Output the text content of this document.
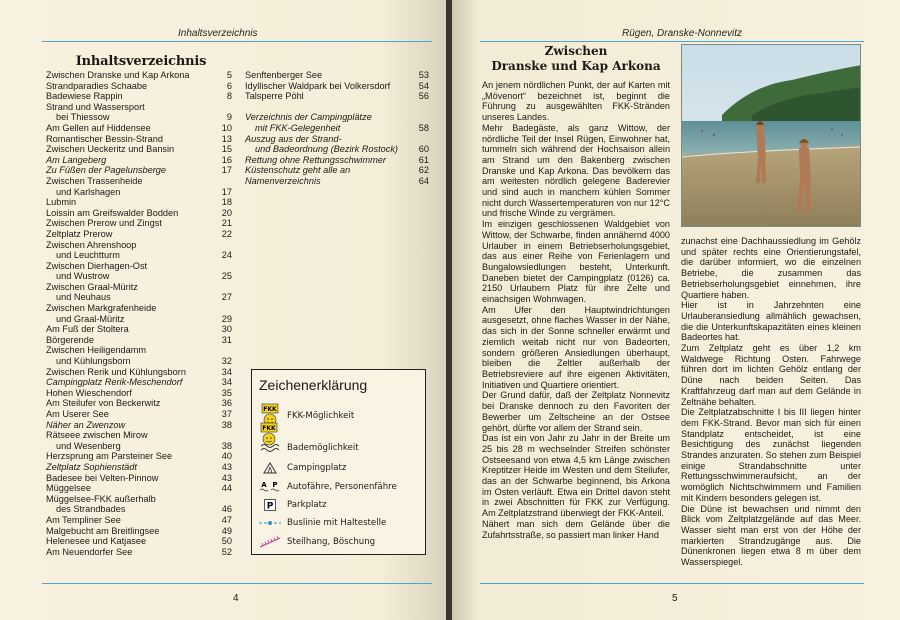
Inhaltsverzeichnis
Inhaltsverzeichnis
Zwischen Dranske und Kap Arkona	5
Strandparadies Schaabe	6
Badewiese Rappin	8
Strand und Wassersport
bei Thiessow	9
Am Gellen auf Hiddensee	10
Romantischer Bessin-Strand	13
Zwischen Ueckeritz und Bansin	15
Am Langeberg	16
Zu Füßen der Pagelunsberge	17
Zwischen Trassenheide
und Karlshagen	17
Lubmin	18
Loissin am Greifswalder Bodden	20
Zwischen Prerow und Zingst	21
Zeltplatz Prerow	22
Zwischen Ahrenshoop
und Leuchtturm	24
Zwischen Dierhagen-Ost
und Wustrow	25
Zwischen Graal-Müritz
und Neuhaus	27
Zwischen Markgrafenheide
und Graal-Müritz	29
Am Fuß der Stoltera	30
Börgerende	31
Zwischen Heiligendamm
und Kühlungsborn	32
Zwischen Rerik und Kühlungsborn	34
Campingplatz Rerik-Meschendorf	34
Hohen Wieschendorf	35
Am Steilufer von Beckerwitz	36
Am Userer See	37
Näher an Zwenzow	38
Rätseee zwischen Mirow
und Wesenberg	38
Herzsprung am Parsteiner See	40
Zeltplatz Sophienstädt	43
Badesee bei Velten-Pinnow	43
Müggelsee	44
Müggelsee-FKK außerhalb
des Strandbades	46
Am Templiner See	47
Malgebucht am Breitlingsee	49
Helenesee und Katjasee	50
Am Neuendorfer See	52
Senftenberger See	53
Idyllischer Waldpark bei Volkersdorf	54
Talsperre Pöhl	56

Verzeichnis der Campingplätze
mit FKK-Gelegenheit	58
Auszug aus der Strand-
und Badeordnung (Bezirk Rostock)	60
Rettung ohne Rettungsschwimmer	61
Küstenschutz geht alle an	62
Namenverzeichnis	64
Zeichenerklärung
FKK
FKK-Möglichkeit
FKK
Bademöglichkeit
Campingplatz
A P Autofähre, Personenfähre
P Parkplatz
Buslinie mit Haltestelle
Steilhang, Böschung
4
Rügen, Dranske-Nonnevitz
5
Zwischen
Dranske und Kap Arkona

An jenem nördlichen Punkt, der auf Karten mit „Mövenort“ bezeichnet ist, beginnt die Führung zu ausgewählten FKK-Stränden unseres Landes.

Mehr Badegäste, als ganz Wittow, der nördliche Teil der Insel Rügen, Einwohner hat, tummeln sich während der Hochsaison allein am Strand um den Bakenberg zwischen Dranske und Kap Arkona. Das bevölkern das am weitesten nördlich gelegene Baderevier und sind auch in manchem kühlen Sommer nicht durch Wassertemperaturen von nur 12°C und frische Winde zu vergrämen.

Im einzigen geschlossenen Waldgebiet von Wittow, der Schwarbe, finden annähernd 4000 Urlauber in einem Betriebserholungsgebiet, das aus einer Reihe von Ferienlagern und Bungalowsiedlungen besteht, Unterkunft. Daneben bietet der Campingplatz (0126) ca. 2150 Urlaubern Platz für ihre Zelte und einachsigen Wohnwagen.

Am Ufer den Hauptwindrichtungen ausgesetzt, ohne flaches Wasser in der Nähe, das sich in der Sonne schneller erwärmt und ziemlich weitab nicht nur von Badeorten, sondern größeren Ansiedlungen überhaupt, bleiben die Zeltler außerhalb der Betriebsreviere auf ihre eigenen Aktivitäten, Initiativen und Quartiere orientiert.

Der Grund dafür, daß der Zeltplatz Nonnevitz bei Dranske dennoch zu den Favoriten der Bewerber um Zeltscheine an der Ostsee gehört, dürfte vor allem der Strand sein.

Das ist ein von Jahr zu Jahr in der Breite um 25 bis 28 m wechselnder Streifen schönster Ostseesand von etwa 4,5 km Länge zwischen Kreptitzer Heide im Westen und dem Steilufer, das an der Schwarbe beginnend, bis Arkona im Osten verläuft. Etwa ein Drittel davon steht in zwei Abschnitten für FKK zur Verfügung. Am Zeltplatzstrand überwiegt der FKK-Anteil.

Nähert man sich dem Gelände über die Zufahrtsstraße, so passiert man linker Hand

zunachst eine Dachhaussiedlung im Gehölz und später rechts eine Orientierungstafel, die darüber informiert, wo die einzelnen Betriebe, die zusammen das Betriebserholungsgebiet einnehmen, ihre Quartiere haben.

Hier ist in Jahrzehnten eine Urlauberansiedlung allmählich gewachsen, die die Unterkunftskapazitäten eines kleinen Badeortes hat.

Zum Zeltplatz geht es über 1,2 km Waldwege Richtung Osten. Fahrwege führen dort im lichten Gehölz entlang der Düne nach beiden Seiten. Das Kraftfahrzeug darf man auf dem Gelände in Zeltnähe behalten.

Die Zeltplatzabschnitte I bis III liegen hinter dem FKK-Strand. Bevor man sich für einen Standplatz entscheidet, ist eine Besichtigung des zunächst liegenden Strandes anzuraten. So stehen zum Beispiel einige Strandabschnitte unter Rettungsschwimmeraufsicht, an der womöglich Nichtschwimmern und Familien mit Kindern besonders gelegen ist.

Die Düne ist bewachsen und nimmt den Blick vom Zeltplatzgelände auf das Meer. Wasser sieht man erst von der Höhe der markierten Strandzugänge aus. Die Dünenkronen liegen etwa 8 m über dem Wasserspiegel.
